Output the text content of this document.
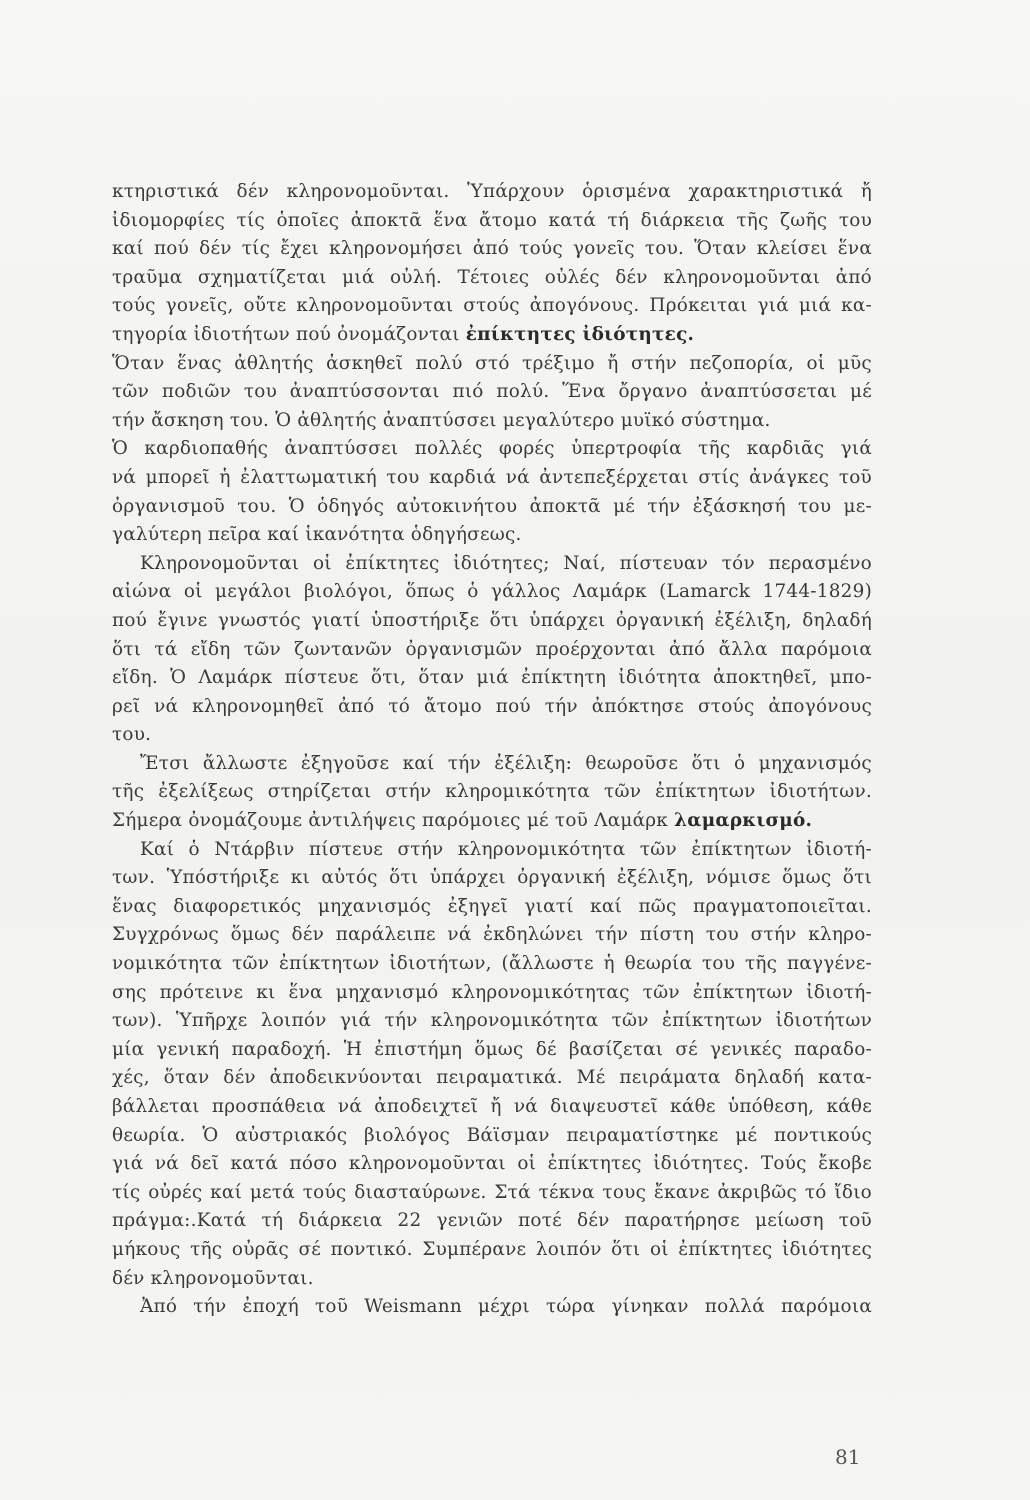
κτηριστικά δέν κληρονομοῦνται. Ὑπάρχουν ὁρισμένα χαρακτηριστικά ἤ
ἰδιομορφίες τίς ὁποῖες ἀποκτᾶ ἕνα ἄτομο κατά τή διάρκεια τῆς ζωῆς του
καί πού δέν τίς ἔχει κληρονομήσει ἀπό τούς γονεῖς του. Ὅταν κλείσει ἕνα
τραῦμα σχηματίζεται μιά οὐλή. Τέτοιες οὐλές δέν κληρονομοῦνται ἀπό
τούς γονεῖς, οὔτε κληρονομοῦνται στούς ἀπογόνους. Πρόκειται γιά μιά κα-
τηγορία ἰδιοτήτων πού ὀνομάζονται ἐπίκτητες ἰδιότητες.
Ὅταν ἕνας ἀθλητής ἀσκηθεῖ πολύ στό τρέξιμο ἤ στήν πεζοπορία, οἱ μῦς
τῶν ποδιῶν του ἀναπτύσσονται πιό πολύ. Ἕνα ὄργανο ἀναπτύσσεται μέ
τήν ἄσκηση του. Ὁ ἀθλητής ἀναπτύσσει μεγαλύτερο μυϊκό σύστημα.
Ὁ καρδιοπαθής ἀναπτύσσει πολλές φορές ὑπερτροφία τῆς καρδιᾶς γιά
νά μπορεῖ ἡ ἐλαττωματική του καρδιά νά ἀντεπεξέρχεται στίς ἀνάγκες τοῦ
ὀργανισμοῦ του. Ὁ ὁδηγός αὐτοκινήτου ἀποκτᾶ μέ τήν ἐξάσκησή του με-
γαλύτερη πεῖρα καί ἱκανότητα ὁδηγήσεως.
Κληρονομοῦνται οἱ ἐπίκτητες ἰδιότητες; Ναί, πίστευαν τόν περασμένο
αἰώνα οἱ μεγάλοι βιολόγοι, ὅπως ὁ γάλλος Λαμάρκ (Lamarck 1744-1829)
πού ἔγινε γνωστός γιατί ὑποστήριξε ὅτι ὑπάρχει ὀργανική ἐξέλιξη, δηλαδή
ὅτι τά εἴδη τῶν ζωντανῶν ὀργανισμῶν προέρχονται ἀπό ἄλλα παρόμοια
εἴδη. Ὁ Λαμάρκ πίστευε ὅτι, ὅταν μιά ἐπίκτητη ἰδιότητα ἀποκτηθεῖ, μπο-
ρεῖ νά κληρονομηθεῖ ἀπό τό ἄτομο πού τήν ἀπόκτησε στούς ἀπογόνους
του.
Ἔτσι ἄλλωστε ἐξηγοῦσε καί τήν ἐξέλιξη: θεωροῦσε ὅτι ὁ μηχανισμός
τῆς ἐξελίξεως στηρίζεται στήν κληρομικότητα τῶν ἐπίκτητων ἰδιοτήτων.
Σήμερα ὀνομάζουμε ἀντιλήψεις παρόμοιες μέ τοῦ Λαμάρκ λαμαρκισμό.
Καί ὁ Ντάρβιν πίστευε στήν κληρονομικότητα τῶν ἐπίκτητων ἰδιοτή-
των. Ὑπόστήριξε κι αὐτός ὅτι ὑπάρχει ὀργανική ἐξέλιξη, νόμισε ὅμως ὅτι
ἕνας διαφορετικός μηχανισμός ἐξηγεῖ γιατί καί πῶς πραγματοποιεῖται.
Συγχρόνως ὅμως δέν παράλειπε νά ἐκδηλώνει τήν πίστη του στήν κληρο-
νομικότητα τῶν ἐπίκτητων ἰδιοτήτων, (ἄλλωστε ἡ θεωρία του τῆς παγγένε-
σης πρότεινε κι ἕνα μηχανισμό κληρονομικότητας τῶν ἐπίκτητων ἰδιοτή-
των). Ὑπῆρχε λοιπόν γιά τήν κληρονομικότητα τῶν ἐπίκτητων ἰδιοτήτων
μία γενική παραδοχή. Ἡ ἐπιστήμη ὅμως δέ βασίζεται σέ γενικές παραδο-
χές, ὅταν δέν ἀποδεικνύονται πειραματικά. Μέ πειράματα δηλαδή κατα-
βάλλεται προσπάθεια νά ἀποδειχτεῖ ἤ νά διαψευστεῖ κάθε ὑπόθεση, κάθε
θεωρία. Ὁ αὐστριακός βιολόγος Βάϊσμαν πειραματίστηκε μέ ποντικούς
γιά νά δεῖ κατά πόσο κληρονομοῦνται οἱ ἐπίκτητες ἰδιότητες. Τούς ἔκοβε
τίς οὐρές καί μετά τούς διασταύρωνε. Στά τέκνα τους ἔκανε ἀκριβῶς τό ἴδιο
πράγμα:.Κατά τή διάρκεια 22 γενιῶν ποτέ δέν παρατήρησε μείωση τοῦ
μήκους τῆς οὐρᾶς σέ ποντικό. Συμπέρανε λοιπόν ὅτι οἱ ἐπίκτητες ἰδιότητες
δέν κληρονομοῦνται.
Ἀπό τήν ἐποχή τοῦ Weismann μέχρι τώρα γίνηκαν πολλά παρόμοια
81
